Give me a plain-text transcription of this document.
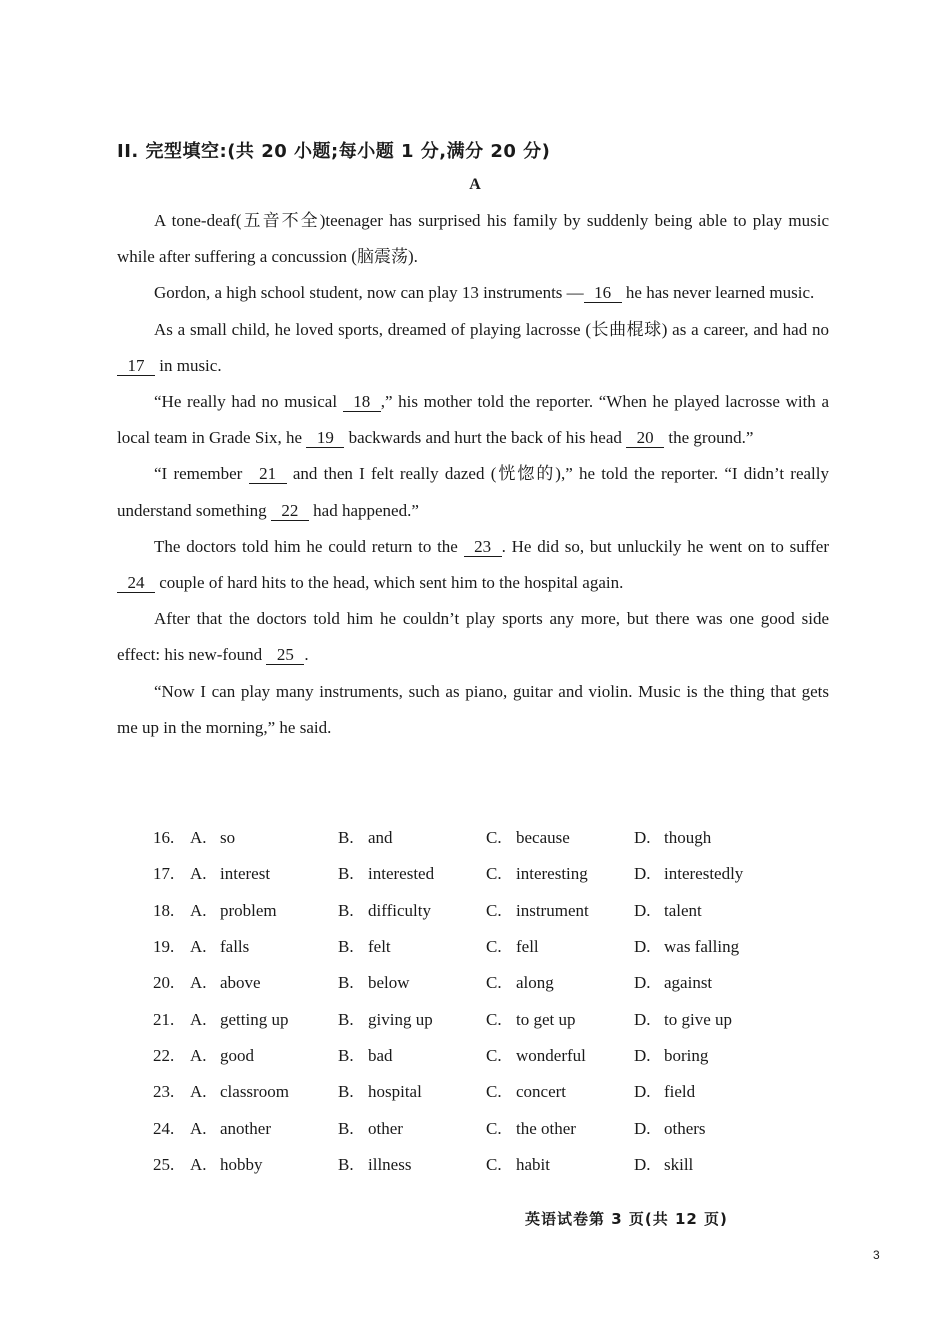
II. 完型填空:(共 20 小题;每小题 1 分,满分 20 分)
A

A tone-deaf(五音不全)teenager has surprised his family by suddenly being able to play music while after suffering a concussion (脑震荡).

Gordon, a high school student, now can play 13 instruments — 16 he has never learned music.

As a small child, he loved sports, dreamed of playing lacrosse (长曲棍球) as a career, and had no 17 in music.

“He really had no musical 18 ,” his mother told the reporter. “When he played lacrosse with a local team in Grade Six, he 19 backwards and hurt the back of his head 20 the ground.”

“I remember 21 and then I felt really dazed (恍惚的),” he told the reporter. “I didn’t really understand something 22 had happened.”

The doctors told him he could return to the 23 . He did so, but unluckily he went on to suffer 24 couple of hard hits to the head, which sent him to the hospital again.

After that the doctors told him he couldn’t play sports any more, but there was one good side effect: his new-found 25 .

“Now I can play many instruments, such as piano, guitar and violin. Music is the thing that gets me up in the morning,” he said.

16. A. so	B. and	C. because	D. though
17. A. interest	B. interested	C. interesting	D. interestedly
18. A. problem	B. difficulty	C. instrument	D. talent
19. A. falls	B. felt	C. fell	D. was falling
20. A. above	B. below	C. along	D. against
21. A. getting up	B. giving up	C. to get up	D. to give up
22. A. good	B. bad	C. wonderful	D. boring
23. A. classroom	B. hospital	C. concert	D. field
24. A. another	B. other	C. the other	D. others
25. A. hobby	B. illness	C. habit	D. skill
英语试卷第 3 页(共 12 页)
3
